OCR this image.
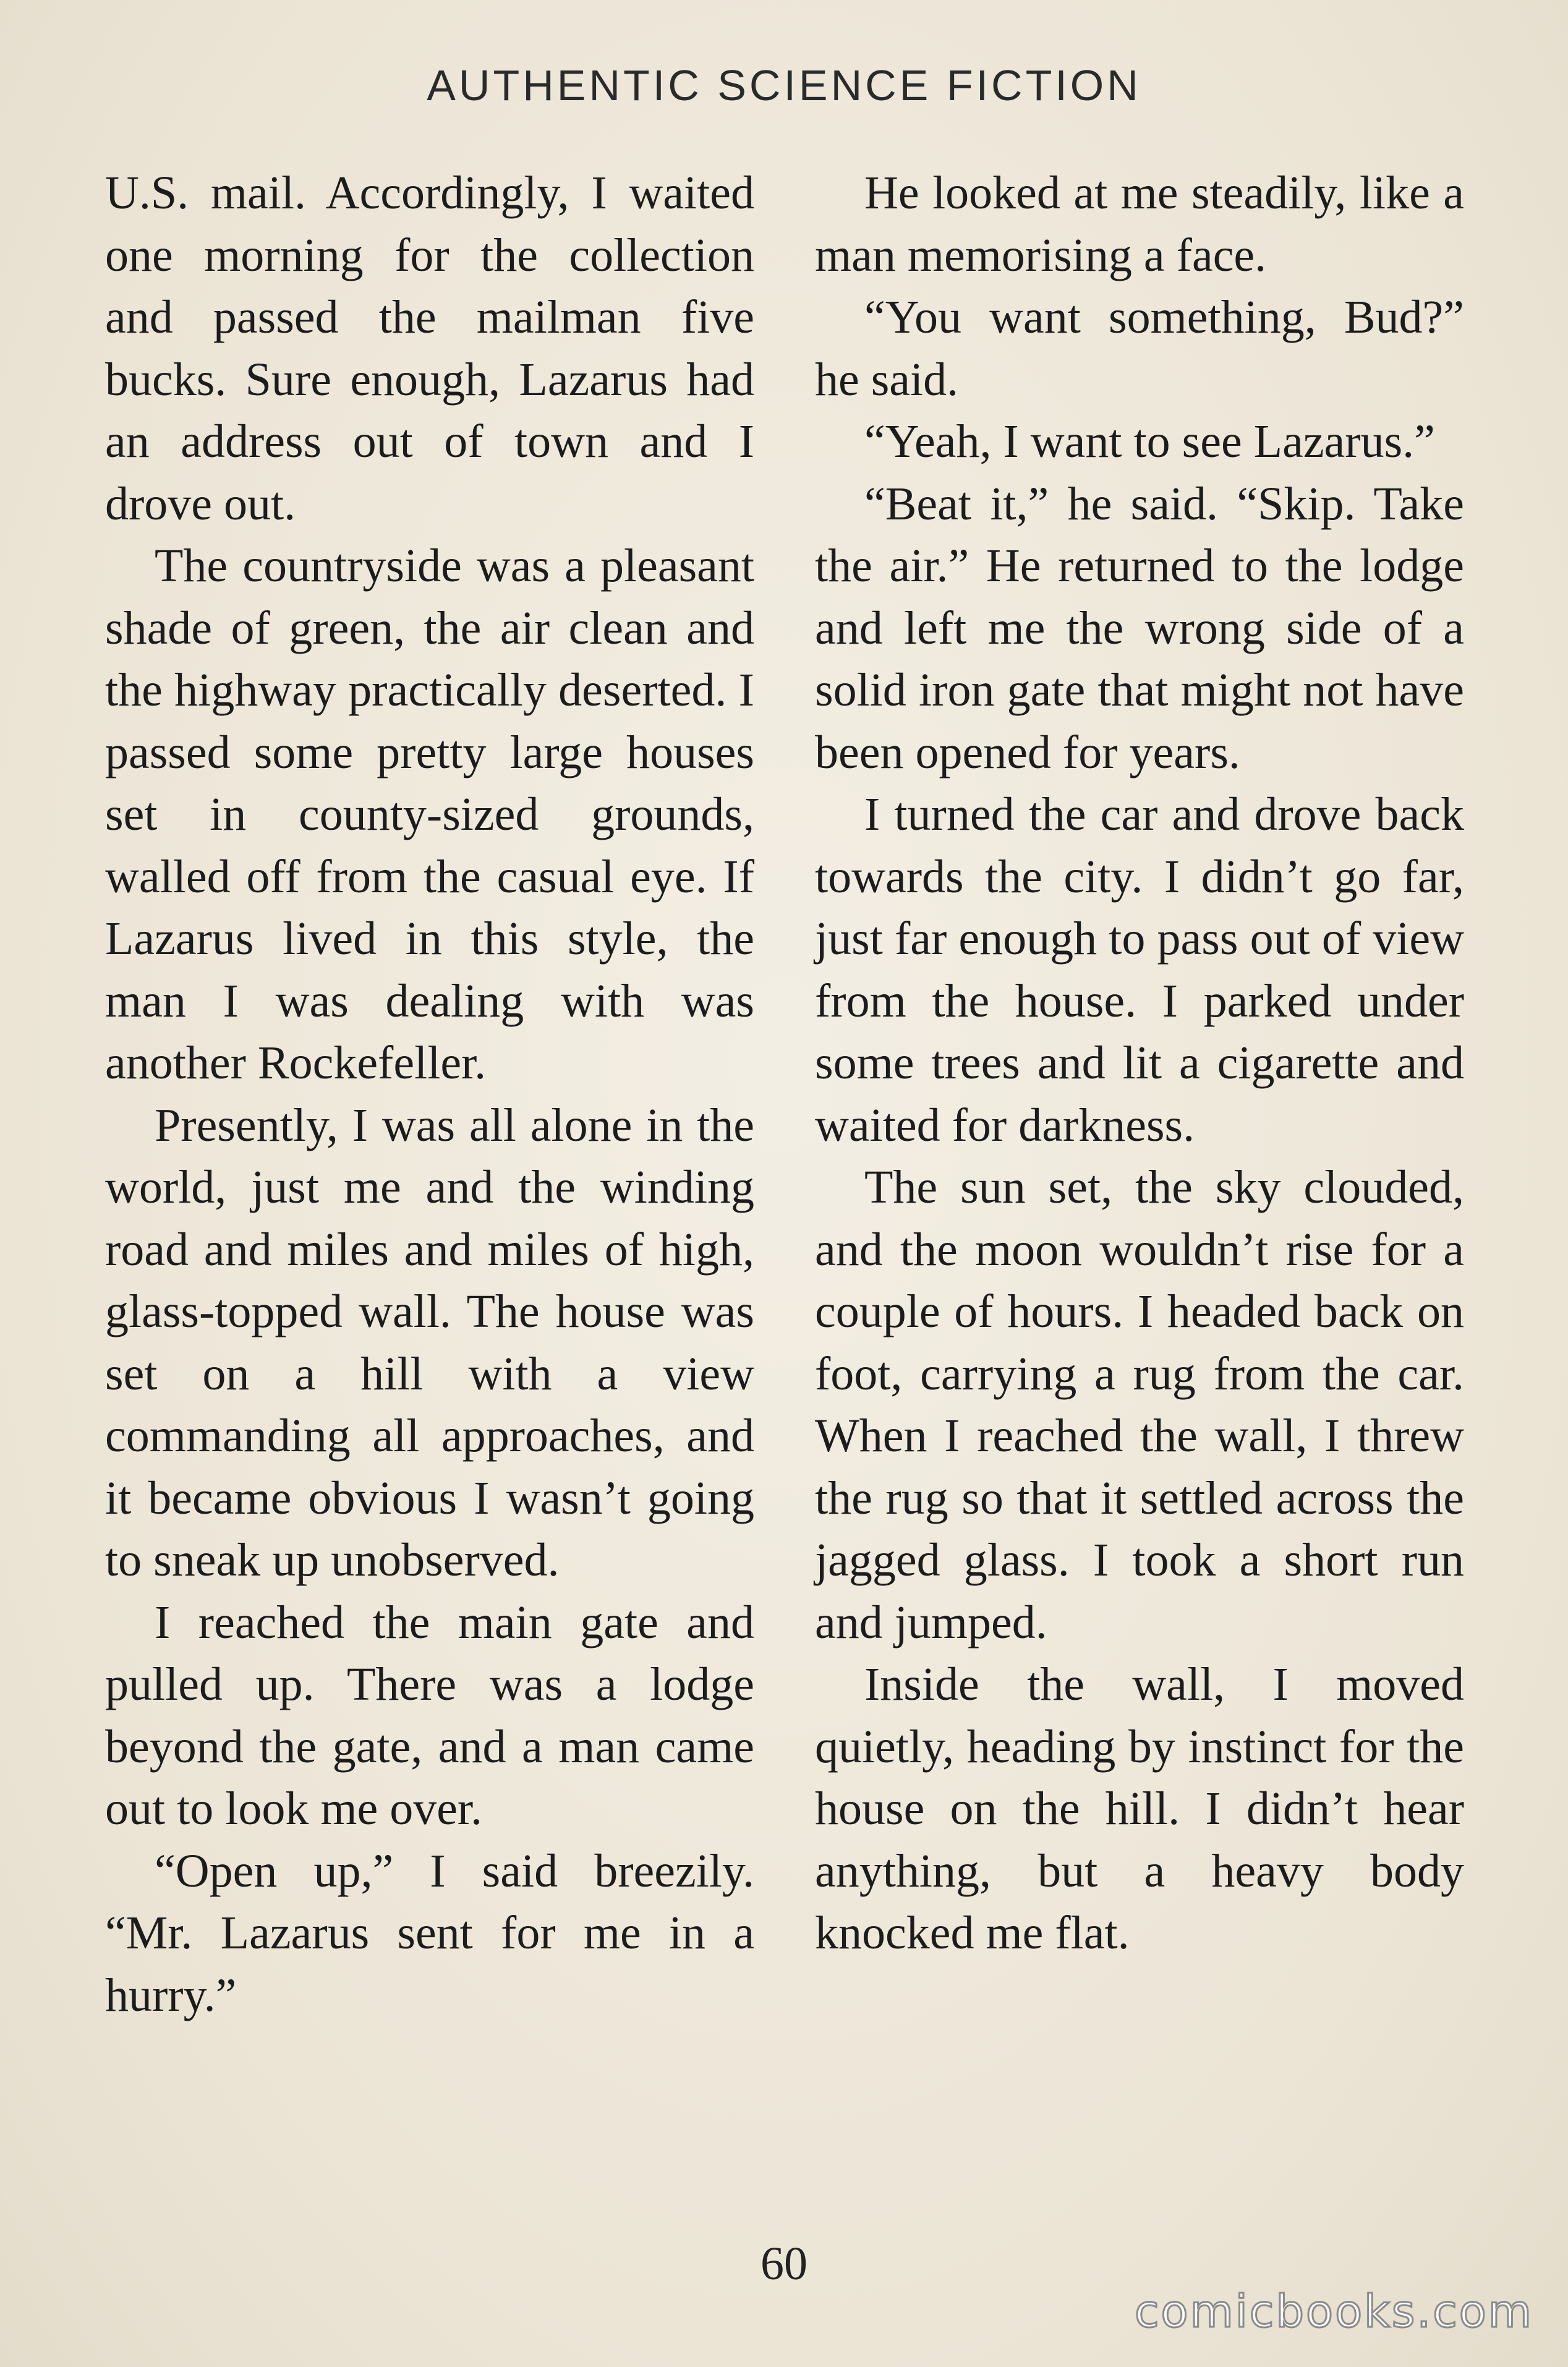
AUTHENTIC SCIENCE FICTION

U.S. mail. Accordingly, I waited one morning for the collection and passed the mailman five bucks. Sure enough, Lazarus had an address out of town and I drove out.

The countryside was a pleasant shade of green, the air clean and the highway practically deserted. I passed some pretty large houses set in county-sized grounds, walled off from the casual eye. If Lazarus lived in this style, the man I was dealing with was another Rockefeller.

Presently, I was all alone in the world, just me and the winding road and miles and miles of high, glass-topped wall. The house was set on a hill with a view commanding all approaches, and it became obvious I wasn’t going to sneak up unobserved.

I reached the main gate and pulled up. There was a lodge beyond the gate, and a man came out to look me over.

“Open up,” I said breezily. “Mr. Lazarus sent for me in a hurry.”

He looked at me steadily, like a man memorising a face.

“You want something, Bud?” he said.

“Yeah, I want to see Lazarus.”

“Beat it,” he said. “Skip. Take the air.” He returned to the lodge and left me the wrong side of a solid iron gate that might not have been opened for years.

I turned the car and drove back towards the city. I didn’t go far, just far enough to pass out of view from the house. I parked under some trees and lit a cigarette and waited for darkness.

The sun set, the sky clouded, and the moon wouldn’t rise for a couple of hours. I headed back on foot, carrying a rug from the car. When I reached the wall, I threw the rug so that it settled across the jagged glass. I took a short run and jumped.

Inside the wall, I moved quietly, heading by instinct for the house on the hill. I didn’t hear anything, but a heavy body knocked me flat.

60
comicbooks.com
